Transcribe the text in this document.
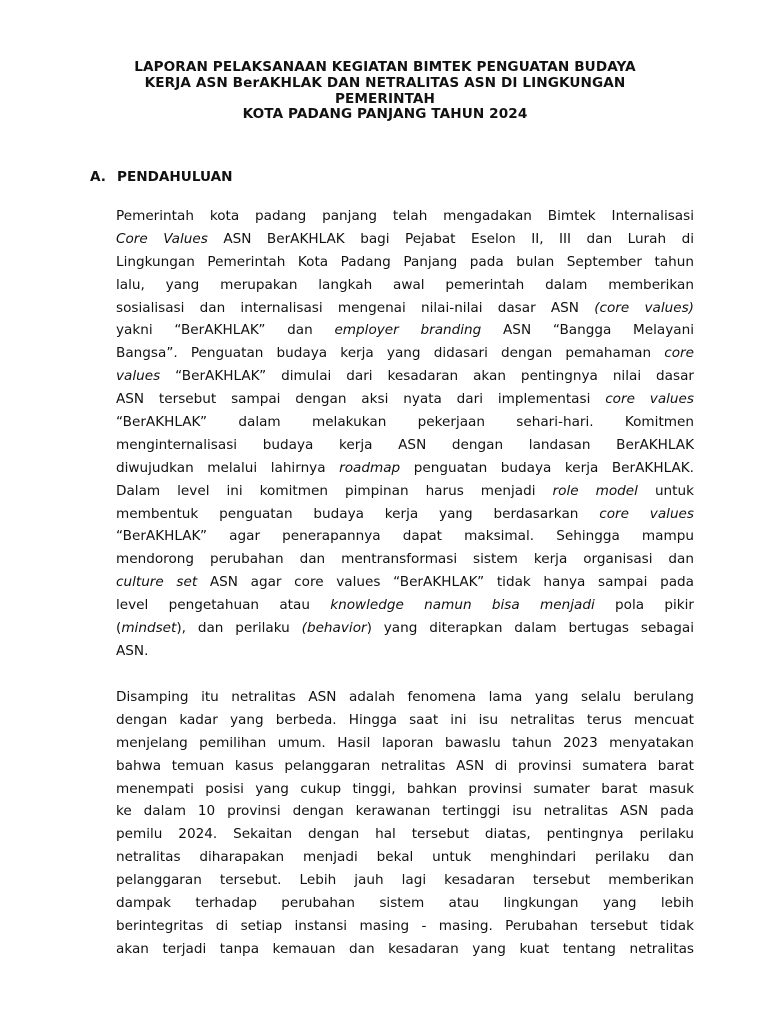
LAPORAN PELAKSANAAN KEGIATAN BIMTEK PENGUATAN BUDAYA
KERJA ASN BerAKHLAK DAN NETRALITAS ASN DI LINGKUNGAN
PEMERINTAH
KOTA PADANG PANJANG TAHUN 2024
A. PENDAHULUAN
Pemerintah kota padang panjang telah mengadakan Bimtek Internalisasi
Core Values ASN BerAKHLAK bagi Pejabat Eselon II, III dan Lurah di
Lingkungan Pemerintah Kota Padang Panjang pada bulan September tahun
lalu, yang merupakan langkah awal pemerintah dalam memberikan
sosialisasi dan internalisasi mengenai nilai-nilai dasar ASN (core values)
yakni “BerAKHLAK” dan employer branding ASN “Bangga Melayani
Bangsa”. Penguatan budaya kerja yang didasari dengan pemahaman core
values “BerAKHLAK” dimulai dari kesadaran akan pentingnya nilai dasar
ASN tersebut sampai dengan aksi nyata dari implementasi core values
“BerAKHLAK” dalam melakukan pekerjaan sehari-hari. Komitmen
menginternalisasi budaya kerja ASN dengan landasan BerAKHLAK
diwujudkan melalui lahirnya roadmap penguatan budaya kerja BerAKHLAK.
Dalam level ini komitmen pimpinan harus menjadi role model untuk
membentuk penguatan budaya kerja yang berdasarkan core values
“BerAKHLAK” agar penerapannya dapat maksimal. Sehingga mampu
mendorong perubahan dan mentransformasi sistem kerja organisasi dan
culture set ASN agar core values “BerAKHLAK” tidak hanya sampai pada
level pengetahuan atau knowledge namun bisa menjadi pola pikir
(mindset), dan perilaku (behavior) yang diterapkan dalam bertugas sebagai
ASN.
Disamping itu netralitas ASN adalah fenomena lama yang selalu berulang
dengan kadar yang berbeda. Hingga saat ini isu netralitas terus mencuat
menjelang pemilihan umum. Hasil laporan bawaslu tahun 2023 menyatakan
bahwa temuan kasus pelanggaran netralitas ASN di provinsi sumatera barat
menempati posisi yang cukup tinggi, bahkan provinsi sumater barat masuk
ke dalam 10 provinsi dengan kerawanan tertinggi isu netralitas ASN pada
pemilu 2024. Sekaitan dengan hal tersebut diatas, pentingnya perilaku
netralitas diharapakan menjadi bekal untuk menghindari perilaku dan
pelanggaran tersebut. Lebih jauh lagi kesadaran tersebut memberikan
dampak terhadap perubahan sistem atau lingkungan yang lebih
berintegritas di setiap instansi masing - masing. Perubahan tersebut tidak
akan terjadi tanpa kemauan dan kesadaran yang kuat tentang netralitas
